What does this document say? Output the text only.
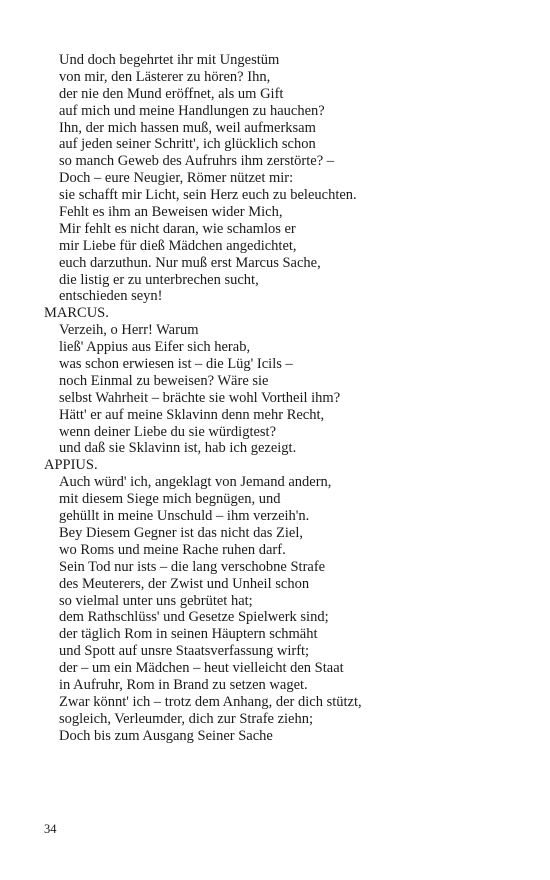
Und doch begehrtet ihr mit Ungestüm
von mir, den Lästerer zu hören? Ihn,
der nie den Mund eröffnet, als um Gift
auf mich und meine Handlungen zu hauchen?
Ihn, der mich hassen muß, weil aufmerksam
auf jeden seiner Schritt', ich glücklich schon
so manch Geweb des Aufruhrs ihm zerstörte? –
Doch – eure Neugier, Römer nützet mir:
sie schafft mir Licht, sein Herz euch zu beleuchten.
Fehlt es ihm an Beweisen wider Mich,
Mir fehlt es nicht daran, wie schamlos er
mir Liebe für dieß Mädchen angedichtet,
euch darzuthun. Nur muß erst Marcus Sache,
die listig er zu unterbrechen sucht,
entschieden seyn!
MARCUS.
Verzeih, o Herr! Warum
ließ' Appius aus Eifer sich herab,
was schon erwiesen ist – die Lüg' Icils –
noch Einmal zu beweisen? Wäre sie
selbst Wahrheit – brächte sie wohl Vortheil ihm?
Hätt' er auf meine Sklavinn denn mehr Recht,
wenn deiner Liebe du sie würdigtest?
und daß sie Sklavinn ist, hab ich gezeigt.
APPIUS.
Auch würd' ich, angeklagt von Jemand andern,
mit diesem Siege mich begnügen, und
gehüllt in meine Unschuld – ihm verzeih'n.
Bey Diesem Gegner ist das nicht das Ziel,
wo Roms und meine Rache ruhen darf.
Sein Tod nur ists – die lang verschobne Strafe
des Meuterers, der Zwist und Unheil schon
so vielmal unter uns gebrütet hat;
dem Rathschlüss' und Gesetze Spielwerk sind;
der täglich Rom in seinen Häuptern schmäht
und Spott auf unsre Staatsverfassung wirft;
der – um ein Mädchen – heut vielleicht den Staat
in Aufruhr, Rom in Brand zu setzen waget.
Zwar könnt' ich – trotz dem Anhang, der dich stützt,
sogleich, Verleumder, dich zur Strafe ziehn;
Doch bis zum Ausgang Seiner Sache
34
